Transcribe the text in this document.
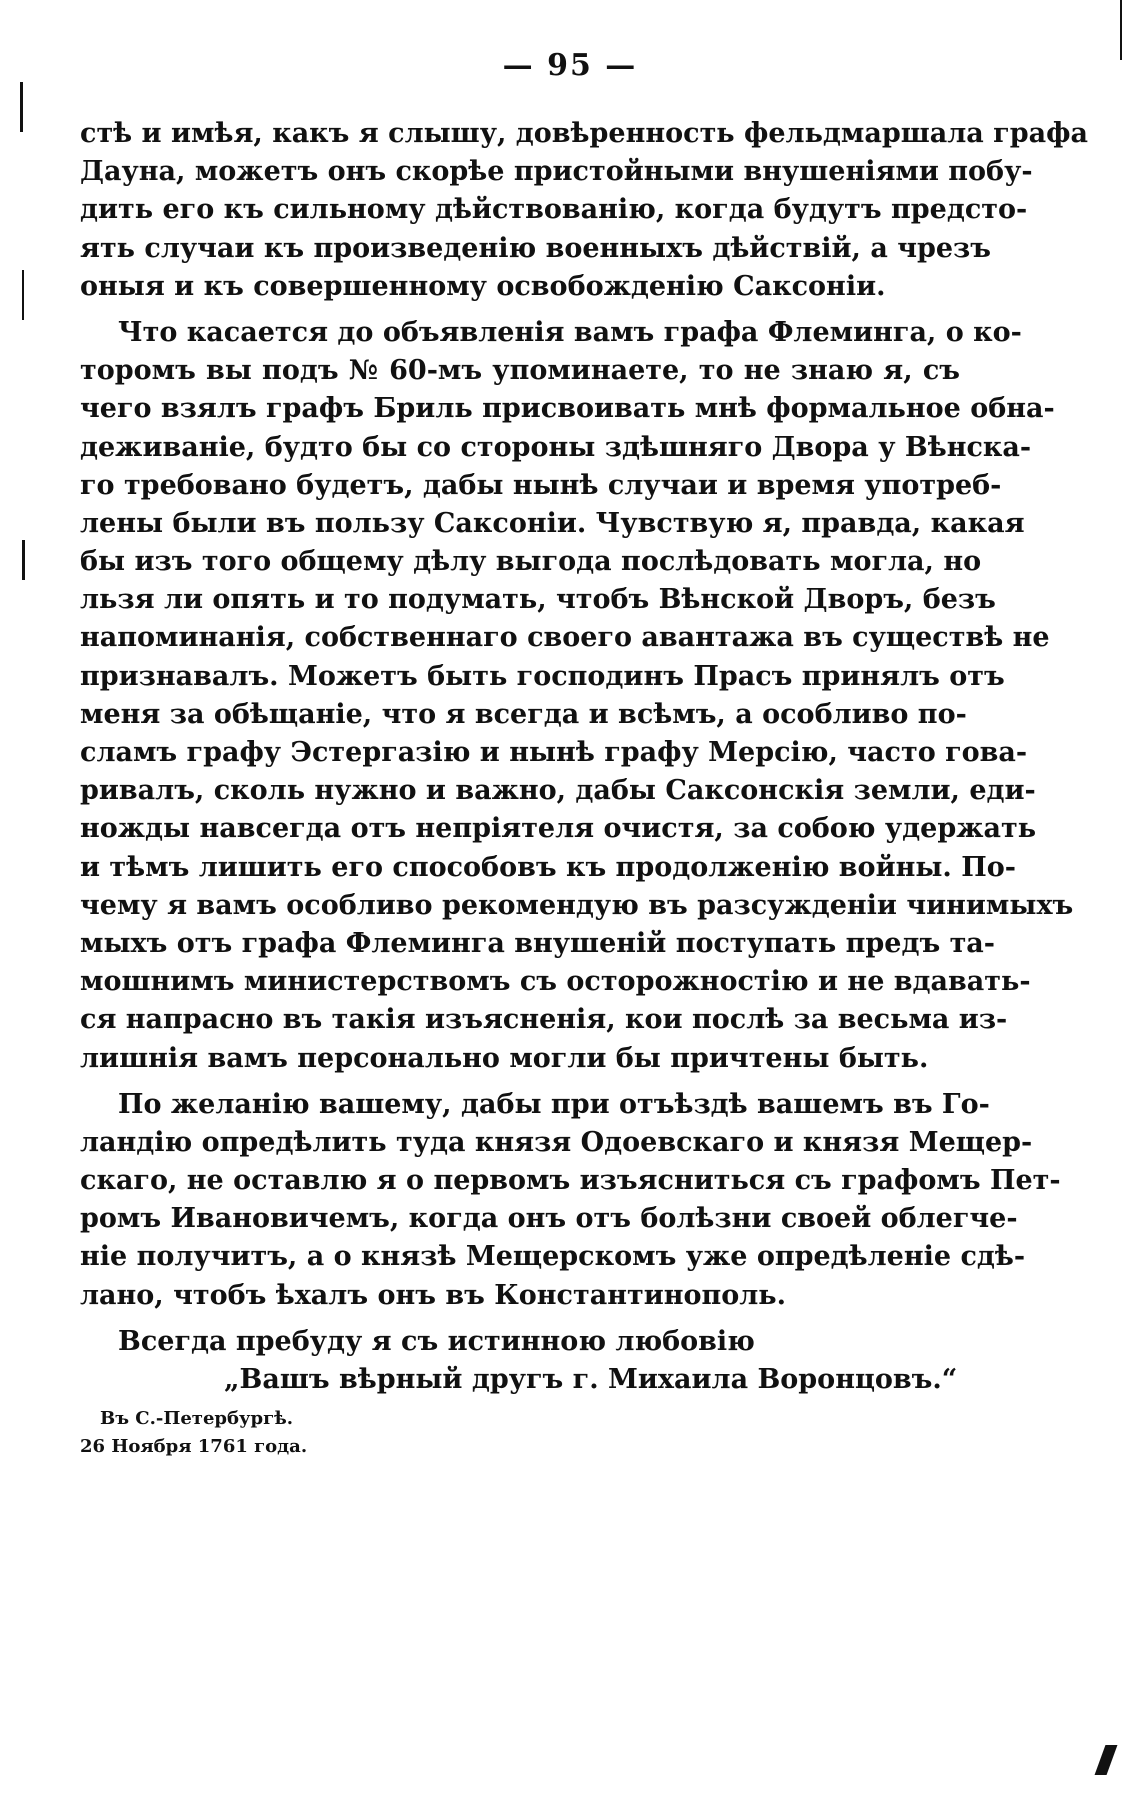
— 95 —
стѣ и имѣя, какъ я слышу, довѣренность фельдмаршала графа
Дауна, можетъ онъ скорѣе пристойными внушеніями побу-
дить его къ сильному дѣйствованію, когда будутъ предсто-
ять случаи къ произведенію военныхъ дѣйствій, а чрезъ
оныя и къ совершенному освобожденію Саксоніи.
Что касается до объявленія вамъ графа Флеминга, о ко-
торомъ вы подъ № 60-мъ упоминаете, то не знаю я, съ
чего взялъ графъ Бриль присвоивать мнѣ формальное обна-
деживаніе, будто бы со стороны здѣшняго Двора у Вѣнска-
го требовано будетъ, дабы нынѣ случаи и время употреб-
лены были въ пользу Саксоніи. Чувствую я, правда, какая
бы изъ того общему дѣлу выгода послѣдовать могла, но
льзя ли опять и то подумать, чтобъ Вѣнской Дворъ, безъ
напоминанія, собственнаго своего авантажа въ существѣ не
признавалъ. Можетъ быть господинъ Прасъ принялъ отъ
меня за обѣщаніе, что я всегда и всѣмъ, а особливо по-
сламъ графу Эстергазію и нынѣ графу Мерсію, часто говa-
ривалъ, сколь нужно и важно, дабы Саксонскія земли, еди-
ножды навсегда отъ непріятеля очистя, за собою удержать
и тѣмъ лишить его способовъ къ продолженію войны. По-
чему я вамъ особливо рекомендую въ разсужденіи чинимыхъ
мыхъ отъ графа Флеминга внушеній поступать предъ та-
мошнимъ министерствомъ съ осторожностію и не вдавать-
ся напрасно въ такія изъясненія, кои послѣ за весьма из-
лишнія вамъ персонально могли бы причтены быть.
По желанію вашему, дабы при отъѣздѣ вашемъ въ Го-
ландію опредѣлить туда князя Одоевскаго и князя Мещер-
скаго, не оставлю я о первомъ изъясниться съ графомъ Пет-
ромъ Ивановичемъ, когда онъ отъ болѣзни своей облегче-
ніе получитъ, а о князѣ Мещерскомъ уже опредѣленіе сдѣ-
лано, чтобъ ѣхалъ онъ въ Константинополь.
Всегда пребуду я съ истинною любовію
„Вашъ вѣрный другъ г. Михаила Воронцовъ.“
Въ С.-Петербургѣ.
26 Ноября 1761 года.
